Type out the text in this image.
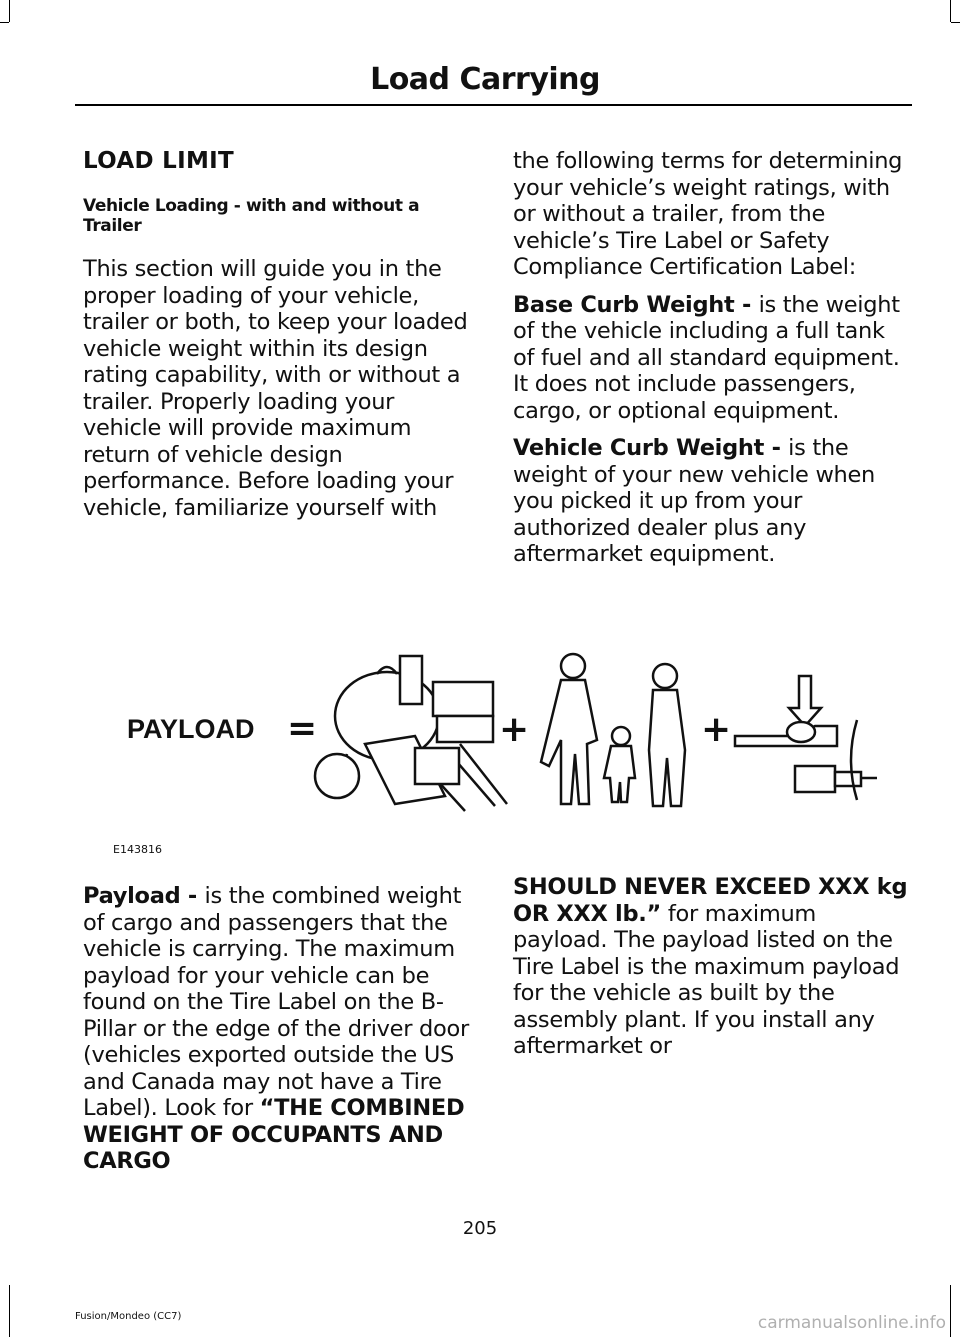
Load Carrying
LOAD LIMIT
Vehicle Loading - with and without a Trailer

This section will guide you in the proper loading of your vehicle, trailer or both, to keep your loaded vehicle weight within its design rating capability, with or without a trailer. Properly loading your vehicle will provide maximum return of vehicle design performance. Before loading your vehicle, familiarize yourself with

the following terms for determining your vehicle’s weight ratings, with or without a trailer, from the vehicle’s Tire Label or Safety Compliance Certification Label:

Base Curb Weight - is the weight of the vehicle including a full tank of fuel and all standard equipment. It does not include passengers, cargo, or optional equipment.

Vehicle Curb Weight - is the weight of your new vehicle when you picked it up from your authorized dealer plus any aftermarket equipment.

PAYLOAD =	+	+
E143816

Payload - is the combined weight of cargo and passengers that the vehicle is carrying. The maximum payload for your vehicle can be found on the Tire Label on the B-Pillar or the edge of the driver door (vehicles exported outside the US and Canada may not have a Tire Label). Look for “THE COMBINED WEIGHT OF OCCUPANTS AND CARGO

SHOULD NEVER EXCEED XXX kg OR XXX lb.” for maximum payload. The payload listed on the Tire Label is the maximum payload for the vehicle as built by the assembly plant. If you install any aftermarket or

205
Fusion/Mondeo (CC7)	carmanualsonline.info
